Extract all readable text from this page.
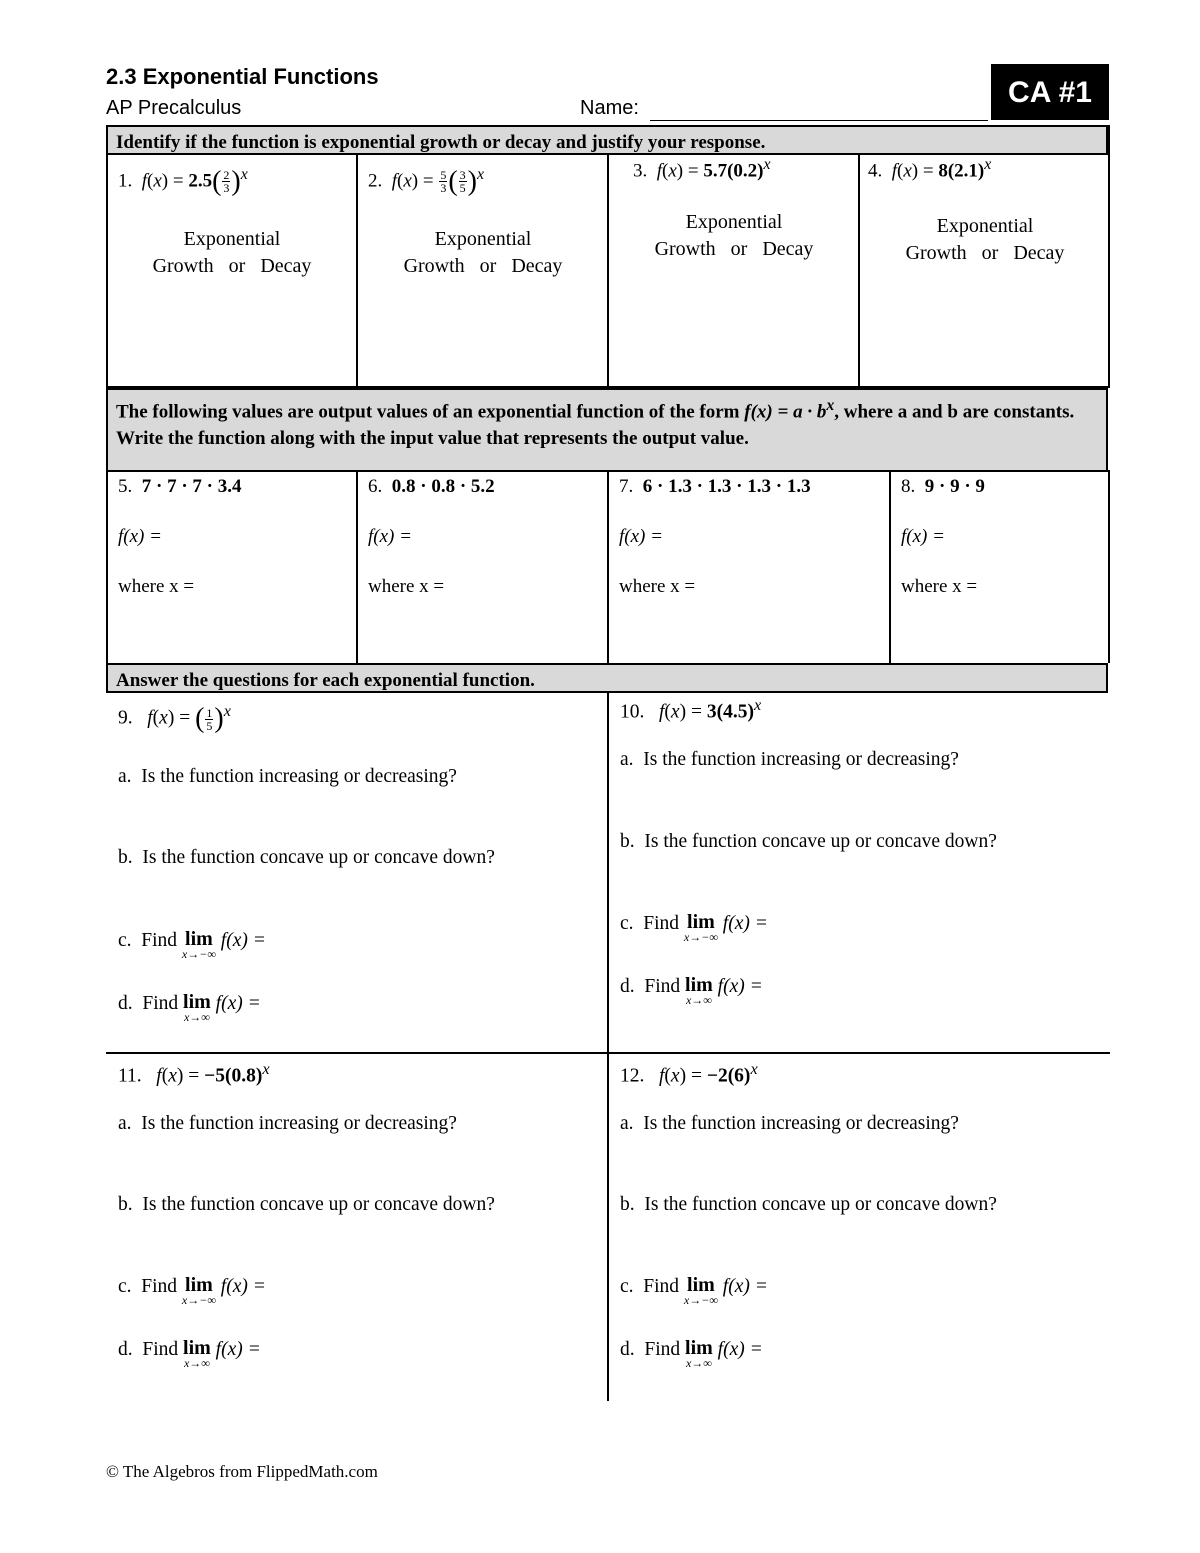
2.3 Exponential Functions
AP Precalculus	Name:	CA #1
Identify if the function is exponential growth or decay and justify your response.
1. $f(x) = 2.5( \frac{2}{3} )^x$
Exponential
Growth   or   Decay
2. $f(x) = \frac{5}{3}$ ( $\frac{3}{5} )^x$
Exponential
Growth   or   Decay
3. $f(x) = 5.7(0.2)^x$
Exponential
Growth   or   Decay
4. $f(x) = 8(2.1)^x$
Exponential
Growth   or   Decay
The following values are output values of an exponential function of the form $f(x) = a \cdot b^x$, where a and b are constants. Write the function along with the input value that represents the output value.
5. 7 · 7 · 7 · 3.4
f(x) =
where x =
6. 0.8 · 0.8 · 5.2
f(x) =
where x =
7. 6 · 1.3 · 1.3 · 1.3 · 1.3
f(x) =
where x =
8. 9 · 9 · 9
f(x) =
where x =
Answer the questions for each exponential function.
9. f(x) = ( $\frac{1}{5} )^x$
a. Is the function increasing or decreasing?
b. Is the function concave up or concave down?
c. Find lim
x→−∞
f(x) =
d. Find lim
x→∞
f(x) =
10. $f(x) = 3(4.5)^x$
a. Is the function increasing or decreasing?
b. Is the function concave up or concave down?
c. Find lim
x→−∞
f(x) =
d. Find lim
x→∞
f(x) =
11. $f(x) = -5(0.8)^x$
a. Is the function increasing or decreasing?
b. Is the function concave up or concave down?
c. Find lim
x→−∞
f(x) =
d. Find lim
x→∞
f(x) =
12. $f(x) = -2(6)^x$
a. Is the function increasing or decreasing?
b. Is the function concave up or concave down?
c. Find lim
x→−∞
f(x) =
d. Find lim
x→∞
f(x) =
© The Algebros from FlippedMath.com
